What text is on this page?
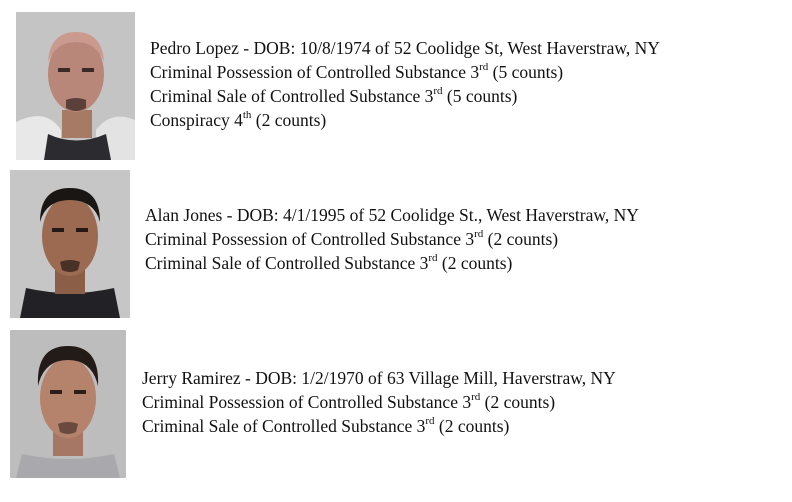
Pedro Lopez - DOB: 10/8/1974 of 52 Coolidge St, West Haverstraw, NY
Criminal Possession of Controlled Substance 3rd (5 counts)
Criminal Sale of Controlled Substance 3rd (5 counts)
Conspiracy 4th (2 counts)
Alan Jones - DOB: 4/1/1995 of 52 Coolidge St., West Haverstraw, NY
Criminal Possession of Controlled Substance 3rd (2 counts)
Criminal Sale of Controlled Substance 3rd (2 counts)
Jerry Ramirez - DOB: 1/2/1970 of 63 Village Mill, Haverstraw, NY
Criminal Possession of Controlled Substance 3rd (2 counts)
Criminal Sale of Controlled Substance 3rd (2 counts)
